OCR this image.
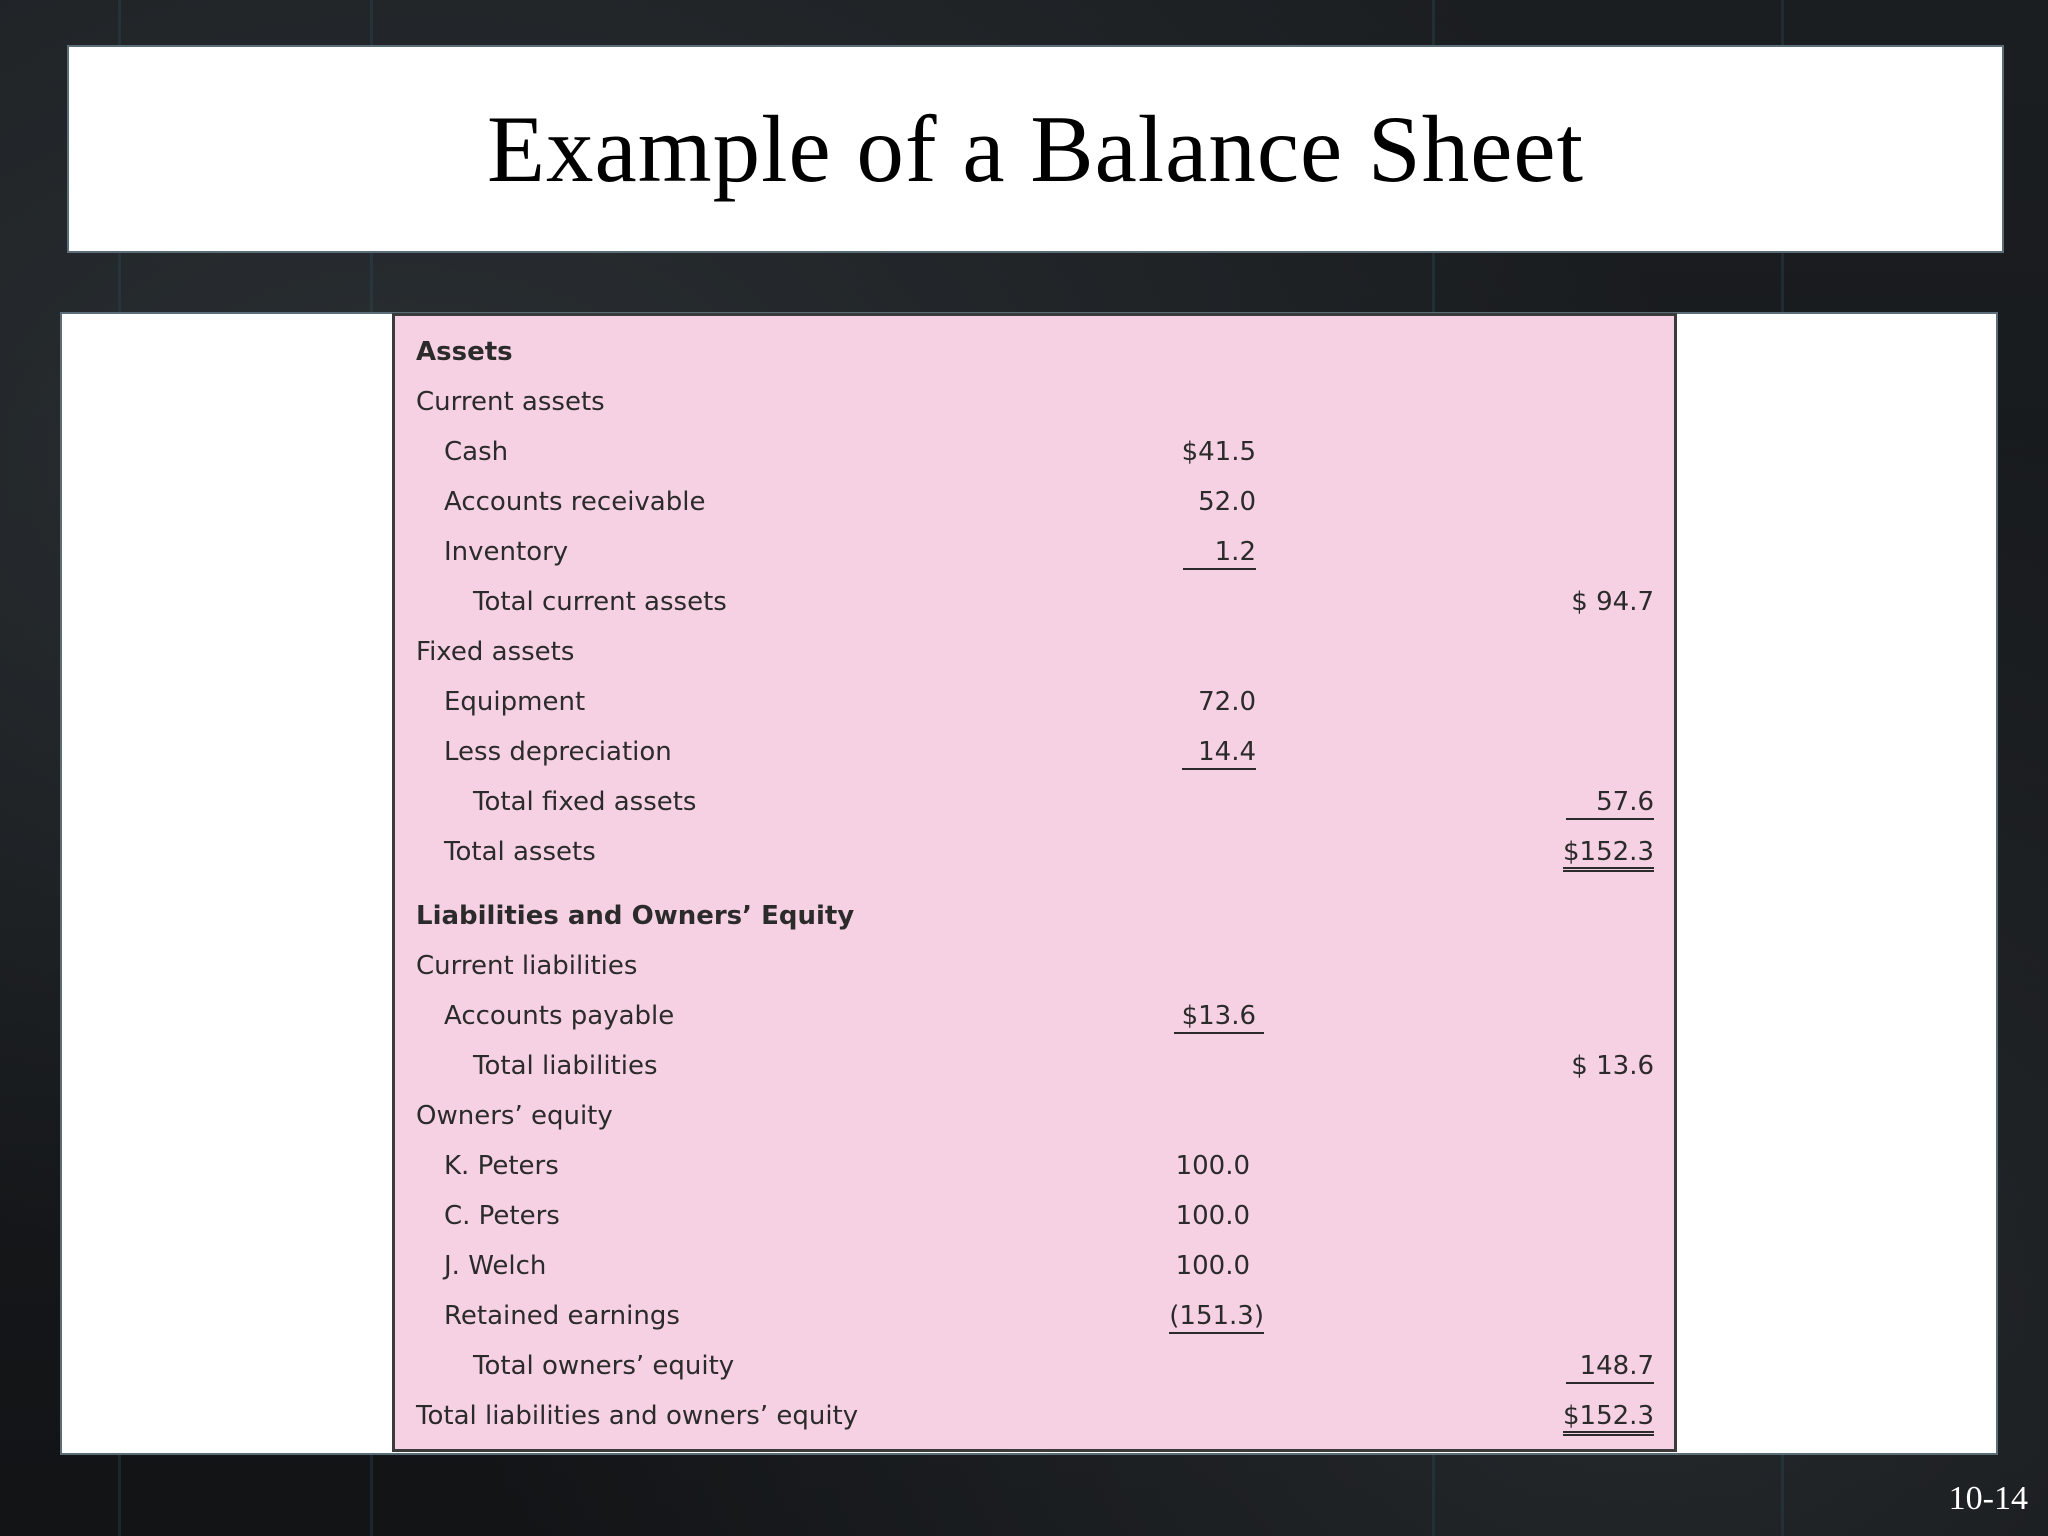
Example of a Balance Sheet
Assets
Current assets
Cash	$41.5
Accounts receivable	52.0
Inventory	1.2
Total current assets	$ 94.7
Fixed assets
Equipment	72.0
Less depreciation	14.4
Total fixed assets	57.6
Total assets	$152.3
Liabilities and Owners’ Equity
Current liabilities
Accounts payable	$13.6
Total liabilities	$ 13.6
Owners’ equity
K. Peters	100.0
C. Peters	100.0
J. Welch	100.0
Retained earnings	(151.3)
Total owners’ equity	148.7
Total liabilities and owners’ equity	$152.3
10-14
